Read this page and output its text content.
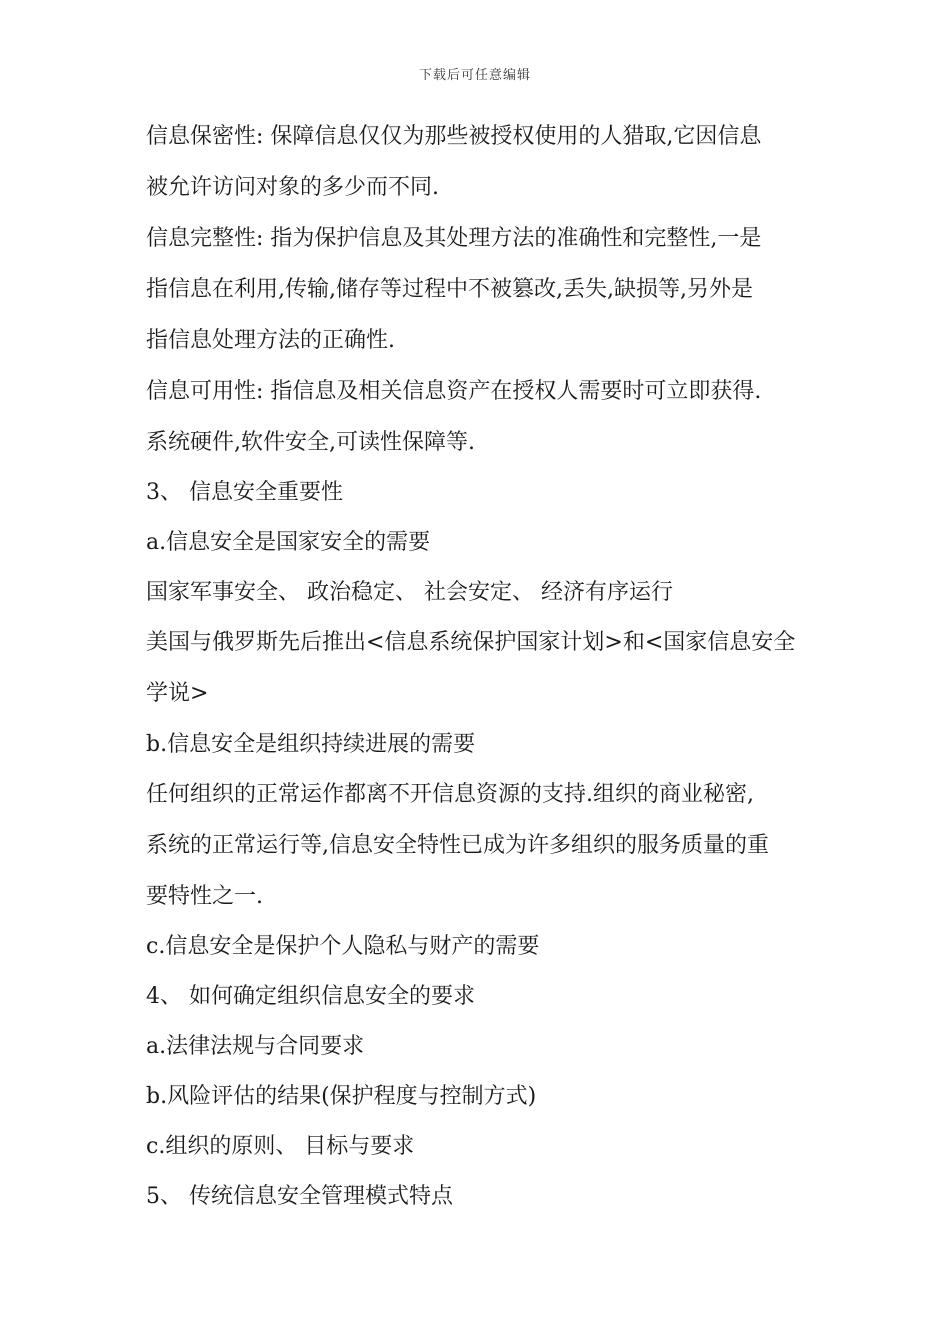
下载后可任意编辑
信息保密性: 保障信息仅仅为那些被授权使用的人猎取,它因信息
被允许访问对象的多少而不同.
信息完整性: 指为保护信息及其处理方法的准确性和完整性,一是
指信息在利用,传输,储存等过程中不被篡改,丢失,缺损等,另外是
指信息处理方法的正确性.
信息可用性: 指信息及相关信息资产在授权人需要时可立即获得.
系统硬件,软件安全,可读性保障等.
3、 信息安全重要性
a.信息安全是国家安全的需要
国家军事安全、 政治稳定、 社会安定、 经济有序运行
美国与俄罗斯先后推出<信息系统保护国家计划>和<国家信息安全
学说>
b.信息安全是组织持续进展的需要
任何组织的正常运作都离不开信息资源的支持.组织的商业秘密,
系统的正常运行等,信息安全特性已成为许多组织的服务质量的重
要特性之一.
c.信息安全是保护个人隐私与财产的需要
4、 如何确定组织信息安全的要求
a.法律法规与合同要求
b.风险评估的结果(保护程度与控制方式)
c.组织的原则、 目标与要求
5、 传统信息安全管理模式特点
